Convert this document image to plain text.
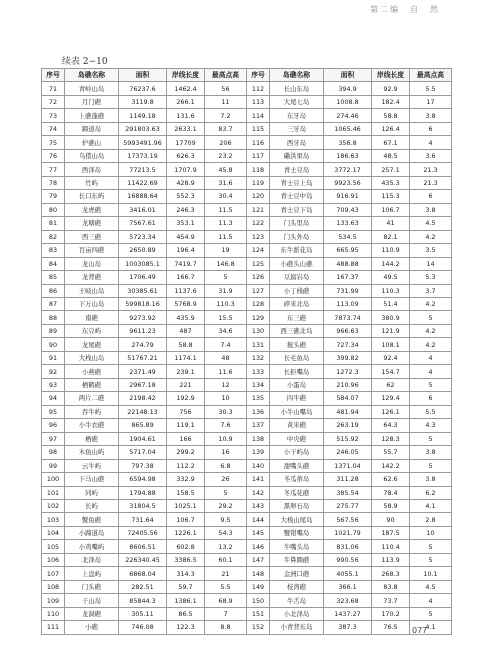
第二编　自　然
续表 2−10
序号	岛礁名称	面积	岸线长度	最高点高	序号	岛礁名称	面积	岸线长度	最高点高
71	青岭山岛	76237.6	1462.4	56	112	长山东岛	394.9	92.9	5.5
72	月门礁	3119.8	266.1	11	113	大尾七岛	1008.8	182.4	17
73	上礁蓬礁	1149.18	131.6	7.2	114	东牙岛	274.46	58.8	3.8
74	蹄道岛	291803.63	2633.1	83.7	115	三牙岛	1065.46	126.4	6
75	炉礁山	5993491.96	17709	206	116	西牙岛	356.8	67.1	4
76	乌猪山岛	17373.19	626.3	23.2	117	磡洪果岛	186.63	48.5	3.6
77	西泽岛	77213.5	1707.9	45.8	118	青士豆岛	3772.17	257.1	21.3
78	竹屿	11422.69	428.9	31.6	119	青士豆上岛	9923.56	435.3	21.3
79	长口东屿	16888.64	552.3	30.4	120	青士豆中岛	916.91	115.3	6
80	龙虎礁	3416.01	246.3	11.5	121	青士豆下岛	709.43	106.7	3.8
81	龙塘礁	7567.61	353.1	11.3	122	门头里岛	133.63	41	4.5
82	西三礁	5723.34	454.9	11.5	123	门头外岛	534.5	82.1	4.2
83	百亩四礁	2650.89	196.4	19	124	东牛派花岛	665.95	110.9	3.5
84	龙山岛	1003085.1	7419.7	146.8	125	小礁头山礁	488.88	144.2	14
85	龙背礁	1706.49	166.7	5	126	豆腐岩岛	167.37	49.5	5.3
86	王岐山岛	30385.61	1137.6	31.9	127	小丁栈礁	731.99	110.3	3.7
87	下万山岛	599818.16	5768.9	110.3	128	碎米北岛	113.09	51.4	4.2
88	南礁	9273.92	435.9	15.5	129	东三礁	7873.74	380.9	5
89	东豆屿	9611.23	487	34.6	130	西三礁北岛	966.63	121.9	4.2
90	龙尾礁	274.79	58.8	7.4	131	搅头礁	727.34	108.1	4.2
91	大栈山岛	51767.21	1174.1	48	132	长毛鱼岛	399.82	92.4	4
92	小燕礁	2371.49	239.1	11.6	133	长拒嘴岛	1272.3	154.7	4
93	栖鹤礁	2967.18	221	12	134	小蛋岛	210.96	62	5
94	两片二礁	2198.42	192.9	10	135	四牛礁	584.07	129.4	6
95	吞牛屿	22148.13	756	30.3	136	小牛山嘴岛	481.94	126.1	5.5
96	小牛衣礁	865.89	119.1	7.6	137	黄米礁	263.19	64.3	4.3
97	栖礁	1904.61	166	10.9	138	中央礁	515.92	128.3	5
98	木鱼山屿	5717.04	299.2	16	139	小干屿岛	246.05	55.7	3.8
99	云牛屿	797.38	112.2	6.8	140	甜嘴头礁	1371.04	142.2	5
100	下马山礁	6594.98	332.9	26	141	冬瓜蒂岛	311.28	62.6	3.8
101	同屿	1794.88	158.5	5	142	冬瓜花礁	385.54	78.4	6.2
102	长屿	31804.5	1025.1	29.2	143	黑卵石岛	275.77	58.9	4.1
103	蟹鱼礁	731.64	106.7	9.5	144	大栈山尾岛	567.56	90	2.8
104	小蹄道岛	72405.56	1226.1	54.3	145	蟹钳嘴岛	1021.79	187.5	10
105	小鸡嘴屿	8606.51	602.8	13.2	146	牛嘴头岛	831.06	110.4	5
106	北泽岛	226340.45	3386.5	60.1	147	牛鼻圈礁	990.56	113.9	5
107	上盘屿	6868.04	314.3	21	148	金洲口礁	4055.1	268.3	10.1
108	门头礁	282.51	59.7	5.5	149	枝湾礁	366.1	83.8	4.5
109	干山岛	85844.3	1386.1	68.9	150	牛舌岛	323.68	73.7	4
110	龙洞礁	305.11	86.5	7	151	小北泽岛	1437.27	170.2	5
111	小礁	746.08	122.3	8.8	152	小青背东岛	387.3	76.5	4.1
077
